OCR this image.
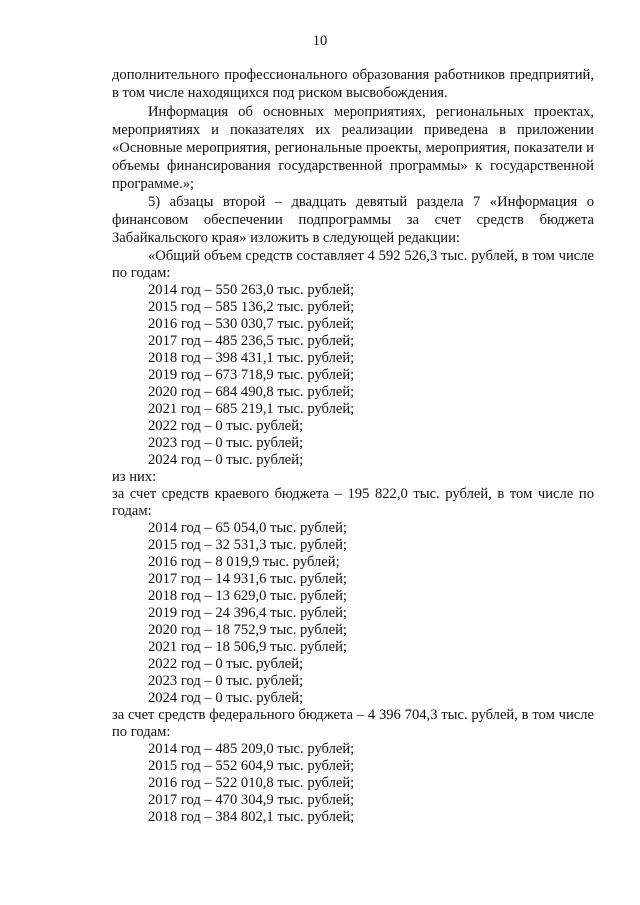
10
дополнительного профессионального образования работников предприятий,
в том числе находящихся под риском высвобождения.
Информация об основных мероприятиях, региональных проектах,
мероприятиях и показателях их реализации приведена в приложении
«Основные мероприятия, региональные проекты, мероприятия, показатели и
объемы финансирования государственной программы» к государственной
программе.»;
5) абзацы второй – двадцать девятый раздела 7 «Информация о
финансовом обеспечении подпрограммы за счет средств бюджета
Забайкальского края» изложить в следующей редакции:
«Общий объем средств составляет 4 592 526,3 тыс. рублей, в том числе
по годам:
2014 год – 550 263,0 тыс. рублей;
2015 год – 585 136,2 тыс. рублей;
2016 год – 530 030,7 тыс. рублей;
2017 год – 485 236,5 тыс. рублей;
2018 год – 398 431,1 тыс. рублей;
2019 год – 673 718,9 тыс. рублей;
2020 год – 684 490,8 тыс. рублей;
2021 год – 685 219,1 тыс. рублей;
2022 год – 0 тыс. рублей;
2023 год – 0 тыс. рублей;
2024 год – 0 тыс. рублей;
из них:
за счет средств краевого бюджета – 195 822,0 тыс. рублей, в том числе по
годам:
2014 год – 65 054,0 тыс. рублей;
2015 год – 32 531,3 тыс. рублей;
2016 год – 8 019,9 тыс. рублей;
2017 год – 14 931,6 тыс. рублей;
2018 год – 13 629,0 тыс. рублей;
2019 год – 24 396,4 тыс. рублей;
2020 год – 18 752,9 тыс. рублей;
2021 год – 18 506,9 тыс. рублей;
2022 год – 0 тыс. рублей;
2023 год – 0 тыс. рублей;
2024 год – 0 тыс. рублей;
за счет средств федерального бюджета – 4 396 704,3 тыс. рублей, в том числе
по годам:
2014 год – 485 209,0 тыс. рублей;
2015 год – 552 604,9 тыс. рублей;
2016 год – 522 010,8 тыс. рублей;
2017 год – 470 304,9 тыс. рублей;
2018 год – 384 802,1 тыс. рублей;
